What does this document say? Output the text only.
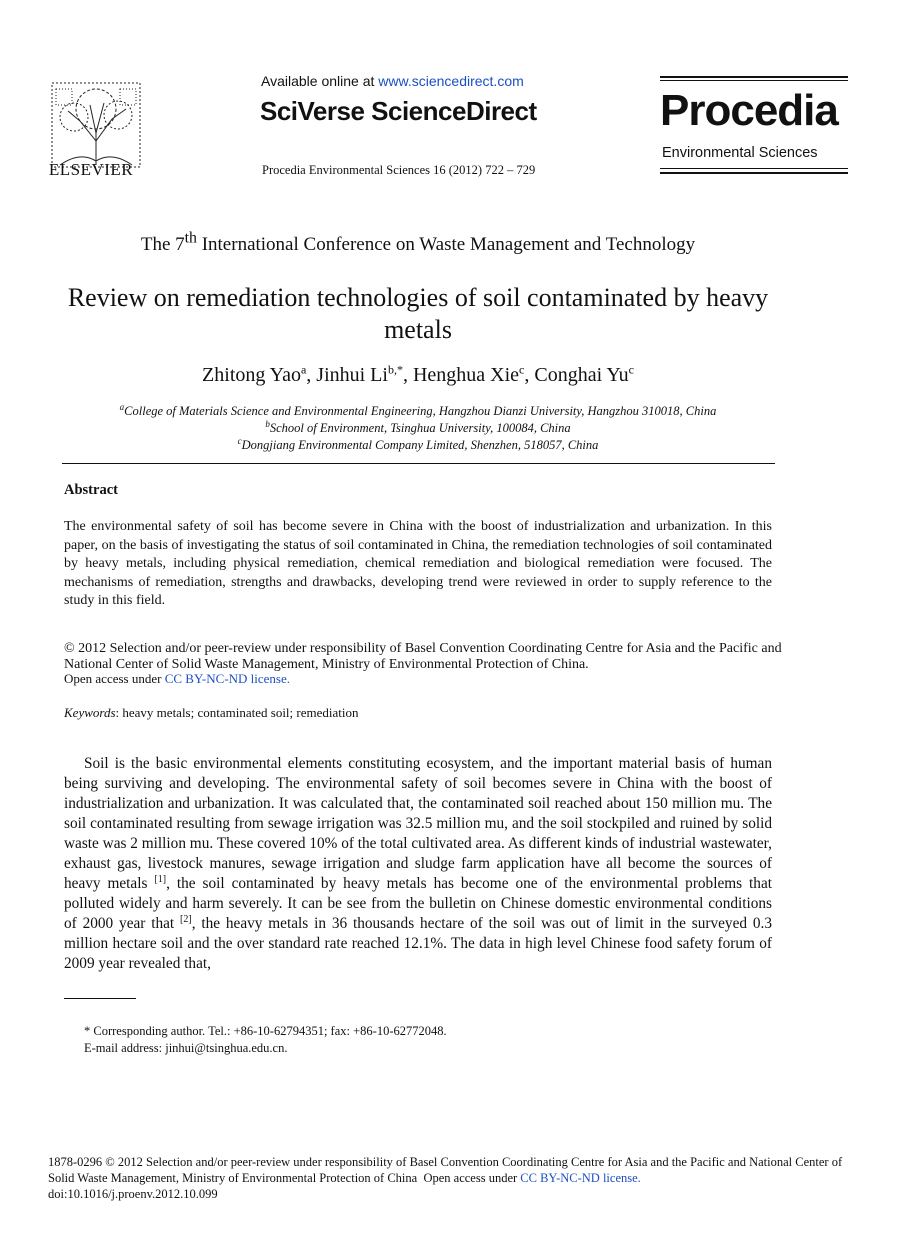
ELSEVIER
Available online at www.sciencedirect.com
SciVerse ScienceDirect
Procedia Environmental Sciences 16 (2012) 722 – 729
Procedia
Environmental Sciences
The 7th International Conference on Waste Management and Technology
Review on remediation technologies of soil contaminated by heavy metals
Zhitong Yao$^a$, Jinhui $Li^{b,*}$, Henghua Xie$^c$, Conghai Yu$^c$
$^a$College of Materials Science and Environmental Engineering, Hangzhou Dianzi University, Hangzhou 310018, China
$^b$School of Environment, Tsinghua University, 100084, China
$^c$Dongjiang Environmental Company Limited, Shenzhen, 518057, China
Abstract
The environmental safety of soil has become severe in China with the boost of industrialization and urbanization. In this paper, on the basis of investigating the status of soil contaminated in China, the remediation technologies of soil contaminated by heavy metals, including physical remediation, chemical remediation and biological remediation were focused. The mechanisms of remediation, strengths and drawbacks, developing trend were reviewed in order to supply reference to the study in this field.
© 2012 Selection and/or peer-review under responsibility of Basel Convention Coordinating Centre for Asia and the Pacific and National Center of Solid Waste Management, Ministry of Environmental Protection of China.
Open access under CC BY-NC-ND license.
Keywords: heavy metals; contaminated soil; remediation
Soil is the basic environmental elements constituting ecosystem, and the important material basis of human being surviving and developing. The environmental safety of soil becomes severe in China with the boost of industrialization and urbanization. It was calculated that, the contaminated soil reached about 150 million mu. The soil contaminated resulting from sewage irrigation was 32.5 million mu, and the soil stockpiled and ruined by solid waste was 2 million mu. These covered 10% of the total cultivated area. As different kinds of industrial wastewater, exhaust gas, livestock manures, sewage irrigation and sludge farm application have all become the sources of heavy metals [1], the soil contaminated by heavy metals has become one of the environmental problems that polluted widely and harm severely. It can be see from the bulletin on Chinese domestic environmental conditions of 2000 year that [2], the heavy metals in 36 thousands hectare of the soil was out of limit in the surveyed 0.3 million hectare soil and the over standard rate reached 12.1%. The data in high level Chinese food safety forum of 2009 year revealed that,
* Corresponding author. Tel.: +86-10-62794351; fax: +86-10-62772048.
E-mail address: jinhui@tsinghua.edu.cn.
1878-0296 © 2012 Selection and/or peer-review under responsibility of Basel Convention Coordinating Centre for Asia and the Pacific and National Center of Solid Waste Management, Ministry of Environmental Protection of China Open access under CC BY-NC-ND license.
doi:10.1016/j.proenv.2012.10.099
